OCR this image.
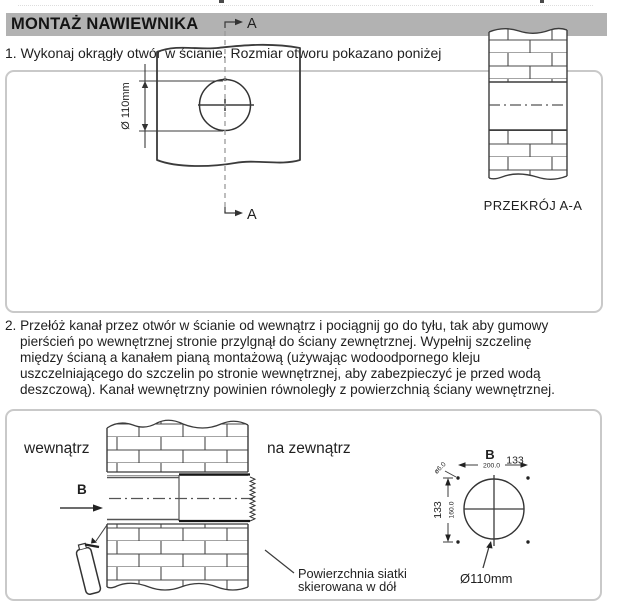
MONTAŻ NAWIEWNIKA
1. Wykonaj okrągły otwór w ścianie. Rozmiar otworu pokazano poniżej
A
A
Ø 110mm
PRZEKRÓJ A-A
2. Przełóż kanał przez otwór w ścianie od wewnątrz i pociągnij go do tyłu, tak aby gumowy
pierścień po wewnętrznej stronie przylgnął do ściany zewnętrznej. Wypełnij szczelinę
między ścianą a kanałem pianą montażową (używając wodoodpornego kleju
uszczelniającego do szczelin po stronie wewnętrznej, aby zabezpieczyć je przed wodą
deszczową). Kanał wewnętrzny powinien równoległy z powierzchnią ściany wewnętrznej.
wewnątrz	na zewnątrz
B
Powierzchnia siatki
skierowana w dół
B
200.0 133
160.0
133
ø6.0
Ø110mm
